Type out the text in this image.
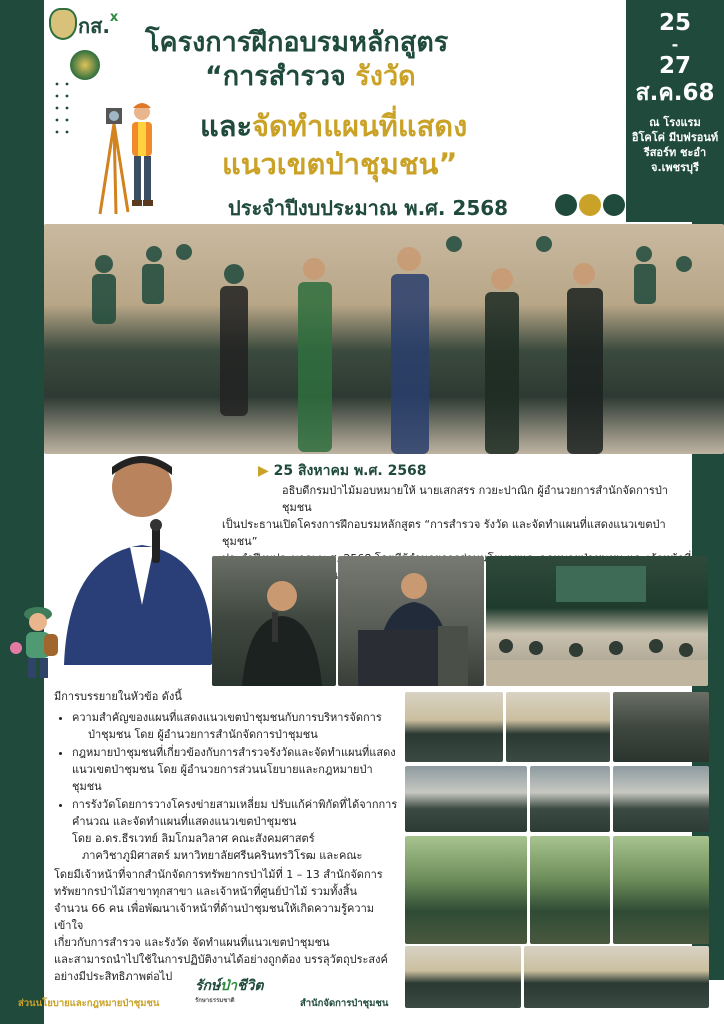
กส.$^x$
โครงการฝึกอบรมหลักสูตร
“การสำรวจ รังวัด
และจัดทำแผนที่แสดง
แนวเขตป่าชุมชน”
ประจำปีงบประมาณ พ.ศ. 2568
25
-
27
ส.ค.68
ณ โรงแรม
อิโคโค่ มีบฟรอนท์
รีสอร์ท ชะอำ
จ.เพชรบุรี
▶ 25 สิงหาคม พ.ศ. 2568
อธิบดีกรมป่าไม้มอบหมายให้ นายเสกสรร กวยะปาณิก ผู้อำนวยการสำนักจัดการป่าชุมชน
เป็นประธานเปิดโครงการฝึกอบรมหลักสูตร “การสำรวจ รังวัด และจัดทำแผนที่แสดงแนวเขตป่าชุมชน”
มีการบรรยายในหัวข้อ ดังนี้
• ความสำคัญของแผนที่แสดงแนวเขตป่าชุมชนกับการบริหารจัดการ
ป่าชุมชน โดย ผู้อำนวยการสำนักจัดการป่าชุมชน
• กฎหมายป่าชุมชนที่เกี่ยวข้องกับการสำรวจรังวัดและจัดทำแผนที่แสดง
แนวเขตป่าชุมชน โดย ผู้อำนวยการส่วนนโยบายและกฎหมายป่าชุมชน
• การรังวัดโดยการวางโครงข่ายสามเหลี่ยม ปรับแก้ค่าพิกัดที่ได้จากการ
คำนวณ และจัดทำแผนที่แสดงแนวเขตป่าชุมชน
โดย อ.ดร.ธีรเวทย์ ลิมโกมลวิลาศ คณะสังคมศาสตร์
ภาควิชาภูมิศาสตร์ มหาวิทยาลัยศรีนครินทรวิโรฒ และคณะ
โดยมีเจ้าหน้าที่จากสำนักจัดการทรัพยากรป่าไม้ที่ 1 – 13 สำนักจัดการ
ทรัพยากรป่าไม้สาขาทุกสาขา และเจ้าหน้าที่ศูนย์ป่าไม้ รวมทั้งสิ้น
จำนวน 66 คน เพื่อพัฒนาเจ้าหน้าที่ด้านป่าชุมชนให้เกิดความรู้ความเข้าใจ
เกี่ยวกับการสำรวจ และรังวัด จัดทำแผนที่แนวเขตป่าชุมชน
และสามารถนำไปใช้ในการปฏิบัติงานได้อย่างถูกต้อง บรรลุวัตถุประสงค์
อย่างมีประสิทธิภาพต่อไป
ส่วนนโยบายและกฎหมายป่าชุมชน
รักษ์ป่าชีวิต
รักษาธรรมชาติ	สำนักจัดการป่าชุมชน
